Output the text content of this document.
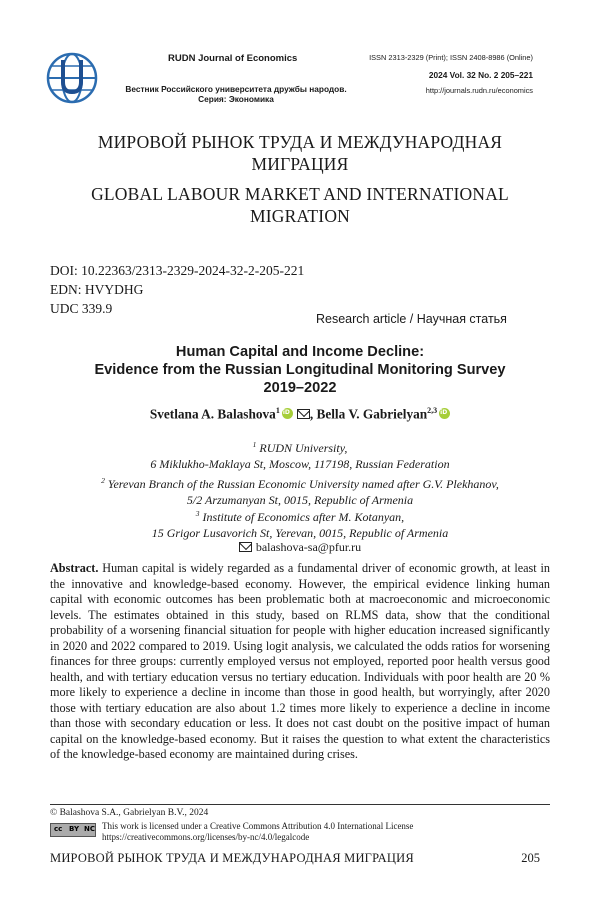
RUDN Journal of Economics
Вестник Российского университета дружбы народов.
Серия: Экономика
ISSN 2313-2329 (Print); ISSN 2408-8986 (Online)
2024 Vol. 32 No. 2 205–221
http://journals.rudn.ru/economics
МИРОВОЙ РЫНОК ТРУДА И МЕЖДУНАРОДНАЯ
МИГРАЦИЯ
GLOBAL LABOUR MARKET AND INTERNATIONAL
MIGRATION
DOI: 10.22363/2313-2329-2024-32-2-205-221
EDN: HVYDHG
UDC 339.9
Research article / Научная статья
Human Capital and Income Decline:
Evidence from the Russian Longitudinal Monitoring Survey
2019–2022
Svetlana A. Balashova$^1$iD , Bella V. Gabrielyan$^{2,3}$iD
$^1$ RUDN University,
6 Miklukho-Maklaya St, Moscow, 117198, Russian Federation
$^2$ Yerevan Branch of the Russian Economic University named after G.V. Plekhanov,
5/2 Arzumanyan St, 0015, Republic of Armenia
$^3$ Institute of Economics after M. Kotanyan,
15 Grigor Lusavorich St, Yerevan, 0015, Republic of Armenia
balashova-sa@pfur.ru
Abstract. Human capital is widely regarded as a fundamental driver of economic growth, at least in the innovative and knowledge-based economy. However, the empirical evidence linking human capital with economic outcomes has been problematic both at macroeconomic and microeconomic levels. The estimates obtained in this study, based on RLMS data, show that the conditional probability of a worsening financial situation for people with higher education increased significantly in 2020 and 2022 compared to 2019. Using logit analysis, we calculated the odds ratios for worsening finances for three groups: currently employed versus not employed, reported poor health versus good health, and with tertiary education versus no tertiary education. Individuals with poor health are 20 % more likely to experience a decline in income than those in good health, but worryingly, after 2020 those with tertiary education are also about 1.2 times more likely to experience a decline in income than those with secondary education or less. It does not cast doubt on the positive impact of human capital on the knowledge-based economy. But it raises the question to what extent the characteristics of the knowledge-based economy are maintained during crises.
© Balashova S.A., Gabrielyan B.V., 2024
cc BY NC This work is licensed under a Creative Commons Attribution 4.0 International License
https://creativecommons.org/licenses/by-nc/4.0/legalcode
МИРОВОЙ РЫНОК ТРУДА И МЕЖДУНАРОДНАЯ МИГРАЦИЯ	205
